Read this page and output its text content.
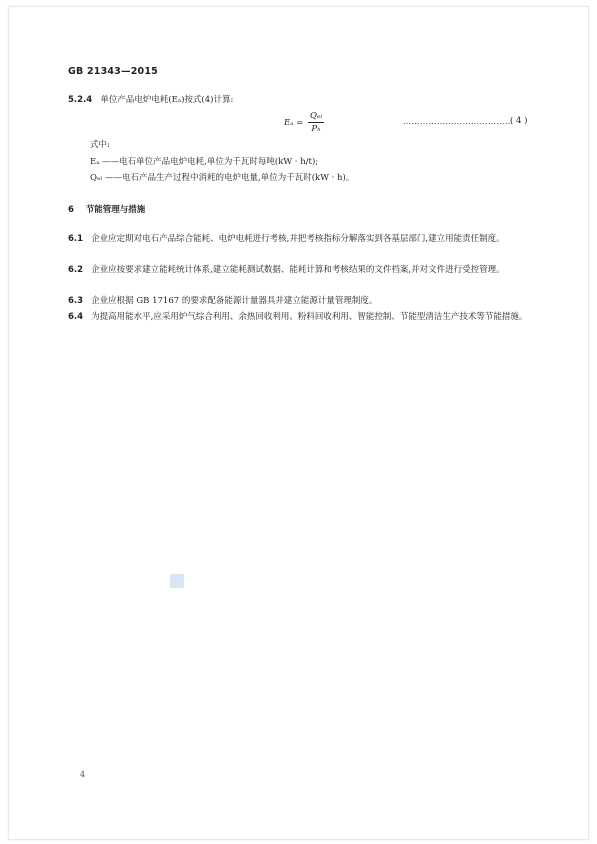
GB 21343—2015
5.2.4 单位产品电炉电耗(Eₐ)按式(4)计算:
$E_a = \frac{\text{Qₑₗ}}{\text{Pₕ}}$	…………………………………
( 4 )
式中:
Eₐ ——电石单位产品电炉电耗,单位为千瓦时每吨(kW · h/t);
Qₑₗ ——电石产品生产过程中消耗的电炉电量,单位为千瓦时(kW · h)。
6 节能管理与措施
6.1 企业应定期对电石产品综合能耗、电炉电耗进行考核,并把考核指标分解落实到各基层部门,建立用能责任制度。
6.2 企业应按要求建立能耗统计体系,建立能耗测试数据、能耗计算和考核结果的文件档案,并对文件进行受控管理。
6.3 企业应根据 GB 17167 的要求配备能源计量器具并建立能源计量管理制度。
6.4 为提高用能水平,应采用炉气综合利用、余热回收利用、粉料回收利用、智能控制、节能型清洁生产技术等节能措施。
4
